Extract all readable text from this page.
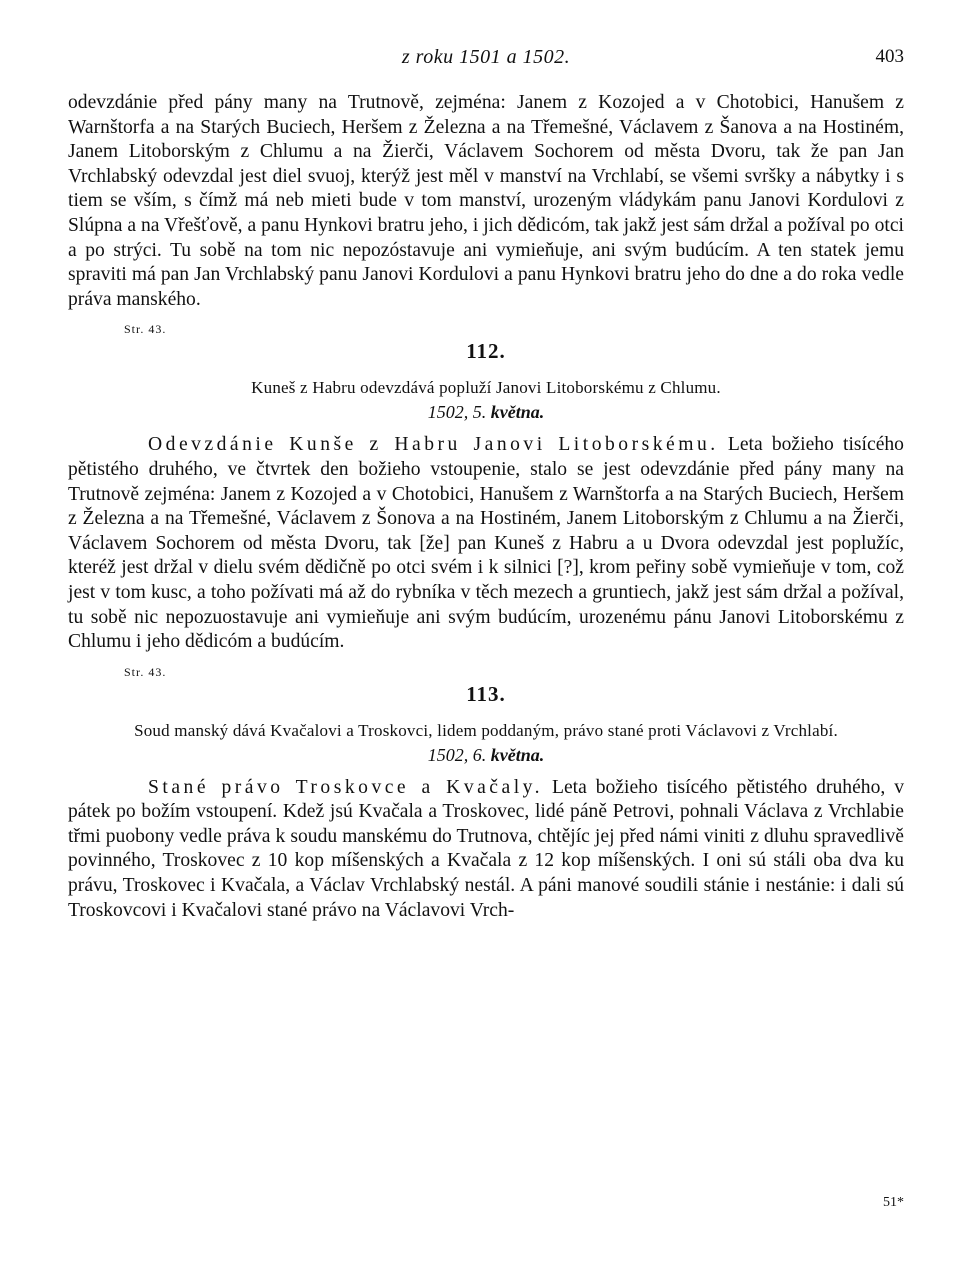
z roku 1501 a 1502.	403

odevzdánie před pány many na Trutnově, zejména: Janem z Kozojed a v Chotobici, Hanušem z Warnštorfa a na Starých Buciech, Heršem z Železna a na Třemešné, Václavem z Šanova a na Hostiném, Janem Litoborským z Chlumu a na Žierči, Václavem Sochorem od města Dvoru, tak že pan Jan Vrchlabský odevzdal jest diel svuoj, kterýž jest měl v manství na Vrchlabí, se všemi svršky a nábytky i s tiem se vším, s čímž má neb mieti bude v tom manství, urozeným vládykám panu Janovi Kordulovi z Slúpna a na Vřešťově, a panu Hynkovi bratru jeho, i jich dědicóm, tak jakž jest sám držal a požíval po otci a po strýci. Tu sobě na tom nic nepozóstavuje ani vymieňuje, ani svým budúcím. A ten statek jemu spraviti má pan Jan Vrchlabský panu Janovi Kordulovi a panu Hynkovi bratru jeho do dne a do roka vedle práva manského.

Str. 43.
112.
Kuneš z Habru odevzdává popluží Janovi Litoborskému z Chlumu.
1502, 5. května.

Odevzdánie Kunše z Habru Janovi Litoborskému. Leta božieho tisícého pětistého druhého, ve čtvrtek den božieho vstoupenie, stalo se jest odevzdánie před pány many na Trutnově zejména: Janem z Kozojed a v Chotobici, Hanušem z Warnštorfa a na Starých Buciech, Heršem z Železna a na Třemešné, Václavem z Šonova a na Hostiném, Janem Litoborským z Chlumu a na Žierči, Václavem Sochorem od města Dvoru, tak [že] pan Kuneš z Habru a u Dvora odevzdal jest poplužíc, kteréž jest držal v dielu svém dědičně po otci svém i k silnici [?], krom peřiny sobě vymieňuje v tom, což jest v tom kusc, a toho požívati má až do rybníka v těch mezech a gruntiech, jakž jest sám držal a požíval, tu sobě nic nepozuostavuje ani vymieňuje ani svým budúcím, urozenému pánu Janovi Litoborskému z Chlumu i jeho dědicóm a budúcím.

Str. 43.
113.
Soud manský dává Kvačalovi a Troskovci, lidem poddaným, právo stané proti Václavovi z Vrchlabí.
1502, 6. května.

Stané právo Troskovce a Kvačaly. Leta božieho tisícého pětistého druhého, v pátek po božím vstoupení. Kdež jsú Kvačala a Troskovec, lidé páně Petrovi, pohnali Václava z Vrchlabie třmi puobony vedle práva k soudu manskému do Trutnova, chtějíc jej před námi viniti z dluhu spravedlivě povinného, Troskovec z 10 kop míšenských a Kvačala z 12 kop míšenských. I oni sú stáli oba dva ku právu, Troskovec i Kvačala, a Václav Vrchlabský nestál. A páni manové soudili stánie i nestánie: i dali sú Troskovcovi i Kvačalovi stané právo na Václavovi Vrch-

51*
